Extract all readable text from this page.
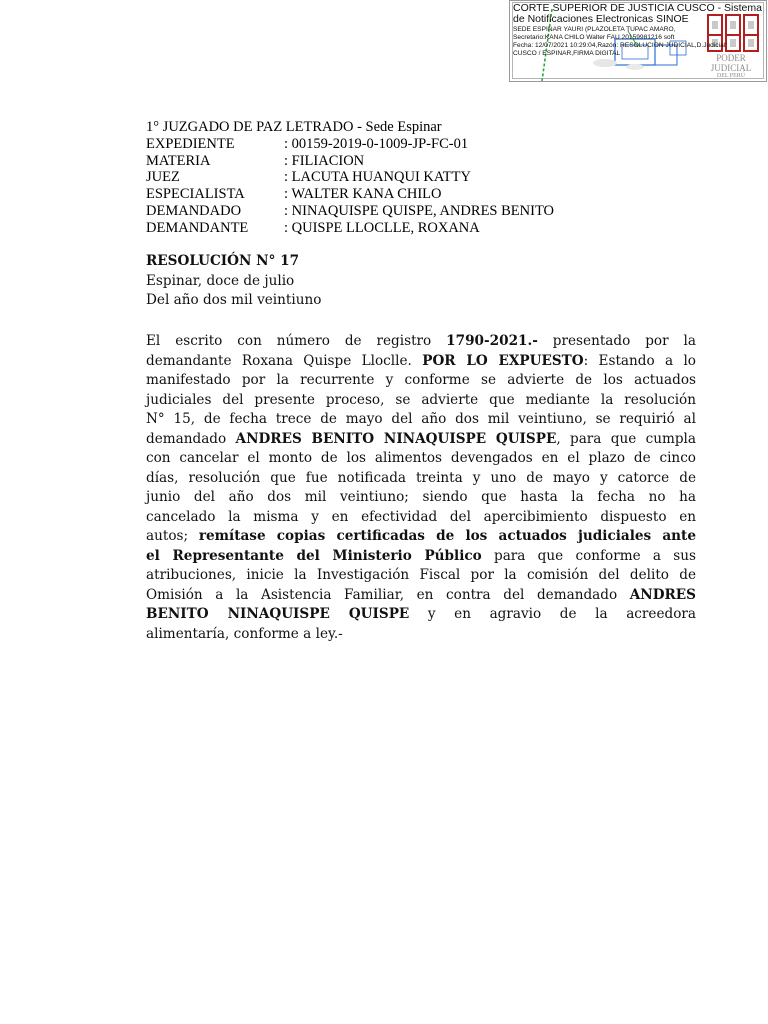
CORTE SUPERIOR DE JUSTICIA CUSCO - Sistema
de Notificaciones Electronicas SINOE
SEDE ESPINAR YAURI (PLAZOLETA TUPAC AMARO,
Secretario:KANA CHILO Walter FAU 20159981216 soft
Fecha: 12/07/2021 10:29:04,Razón: RESOLUCIÓN JUDICIAL,D.Judicial:
CUSCO / ESPINAR,FIRMA DIGITAL	PODER JUDICIAL
DEL PERÚ
1° JUZGADO DE PAZ LETRADO - Sede Espinar
EXPEDIENTE	: 00159-2019-0-1009-JP-FC-01
MATERIA	: FILIACION
JUEZ	: LACUTA HUANQUI KATTY
ESPECIALISTA	: WALTER KANA CHILO
DEMANDADO	: NINAQUISPE QUISPE, ANDRES BENITO
DEMANDANTE	: QUISPE LLOCLLE, ROXANA
RESOLUCIÓN N° 17
Espinar, doce de julio
Del año dos mil veintiuno
El escrito con número de registro 1790-2021.- presentado por la
demandante Roxana Quispe Lloclle. POR LO EXPUESTO: Estando a lo
manifestado por la recurrente y conforme se advierte de los actuados
judiciales del presente proceso, se advierte que mediante la resolución
N° 15, de fecha trece de mayo del año dos mil veintiuno, se requirió al
demandado ANDRES BENITO NINAQUISPE QUISPE, para que cumpla
con cancelar el monto de los alimentos devengados en el plazo de cinco
días, resolución que fue notificada treinta y uno de mayo y catorce de
junio del año dos mil veintiuno; siendo que hasta la fecha no ha
cancelado la misma y en efectividad del apercibimiento dispuesto en
autos; remítase copias certificadas de los actuados judiciales ante
el Representante del Ministerio Público para que conforme a sus
atribuciones, inicie la Investigación Fiscal por la comisión del delito de
Omisión a la Asistencia Familiar, en contra del demandado ANDRES
BENITO NINAQUISPE QUISPE y en agravio de la acreedora
alimentaría, conforme a ley.-
